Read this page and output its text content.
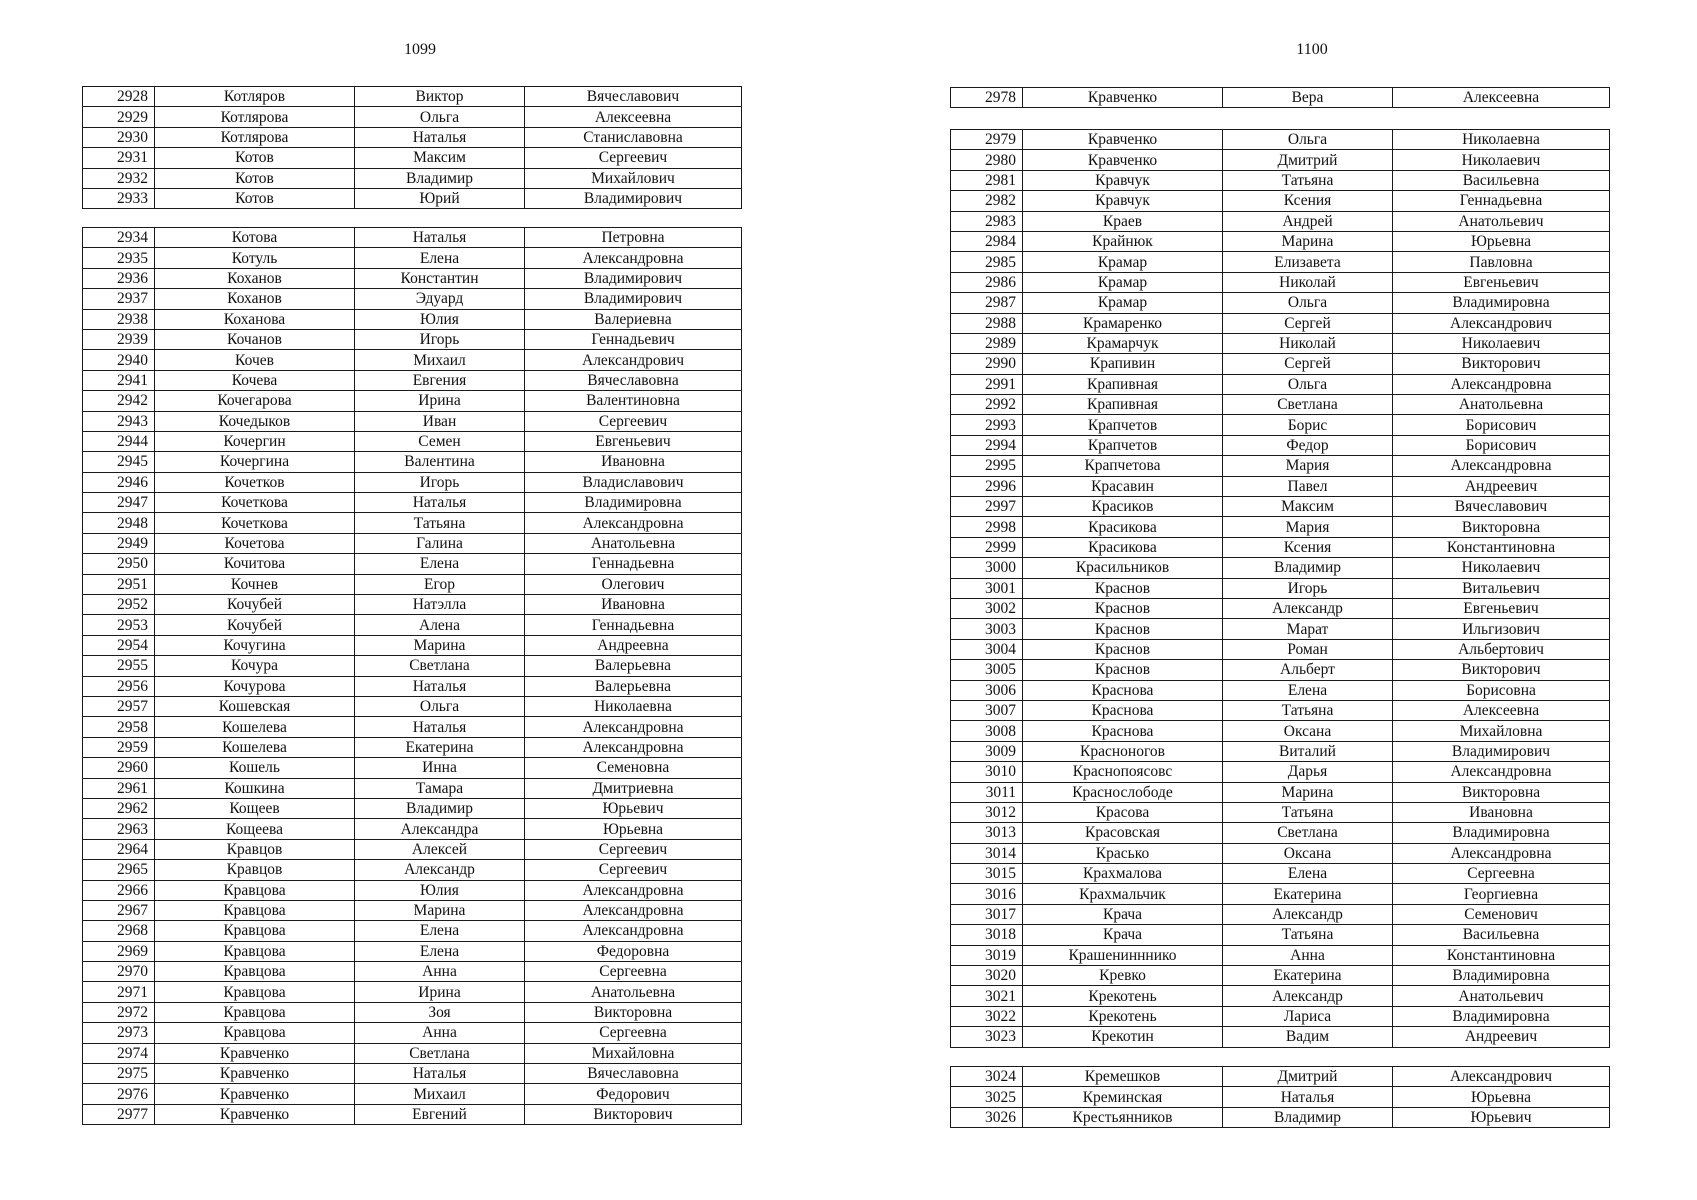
1099	1100
2928	Котляров	Виктор	Вячеславович
2929	Котлярова	Ольга	Алексеевна
2930	Котлярова	Наталья	Станиславовна
2931	Котов	Максим	Сергеевич
2932	Котов	Владимир	Михайлович
2933	Котов	Юрий	Владимирович
2934	Котова	Наталья	Петровна
2935	Котуль	Елена	Александровна
2936	Коханов	Константин	Владимирович
2937	Коханов	Эдуард	Владимирович
2938	Коханова	Юлия	Валериевна
2939	Кочанов	Игорь	Геннадьевич
2940	Кочев	Михаил	Александрович
2941	Кочева	Евгения	Вячеславовна
2942	Кочегарова	Ирина	Валентиновна
2943	Кочедыков	Иван	Сергеевич
2944	Кочергин	Семен	Евгеньевич
2945	Кочергина	Валентина	Ивановна
2946	Кочетков	Игорь	Владиславович
2947	Кочеткова	Наталья	Владимировна
2948	Кочеткова	Татьяна	Александровна
2949	Кочетова	Галина	Анатольевна
2950	Кочитова	Елена	Геннадьевна
2951	Кочнев	Егор	Олегович
2952	Кочубей	Натэлла	Ивановна
2953	Кочубей	Алена	Геннадьевна
2954	Кочугина	Марина	Андреевна
2955	Кочура	Светлана	Валерьевна
2956	Кочурова	Наталья	Валерьевна
2957	Кошевская	Ольга	Николаевна
2958	Кошелева	Наталья	Александровна
2959	Кошелева	Екатерина	Александровна
2960	Кошель	Инна	Семеновна
2961	Кошкина	Тамара	Дмитриевна
2962	Кощеев	Владимир	Юрьевич
2963	Кощеева	Александра	Юрьевна
2964	Кравцов	Алексей	Сергеевич
2965	Кравцов	Александр	Сергеевич
2966	Кравцова	Юлия	Александровна
2967	Кравцова	Марина	Александровна
2968	Кравцова	Елена	Александровна
2969	Кравцова	Елена	Федоровна
2970	Кравцова	Анна	Сергеевна
2971	Кравцова	Ирина	Анатольевна
2972	Кравцова	Зоя	Викторовна
2973	Кравцова	Анна	Сергеевна
2974	Кравченко	Светлана	Михайловна
2975	Кравченко	Наталья	Вячеславовна
2976	Кравченко	Михаил	Федорович
2977	Кравченко	Евгений	Викторович
2978	Кравченко	Вера	Алексеевна
2979	Кравченко	Ольга	Николаевна
2980	Кравченко	Дмитрий	Николаевич
2981	Кравчук	Татьяна	Васильевна
2982	Кравчук	Ксения	Геннадьевна
2983	Краев	Андрей	Анатольевич
2984	Крайнюк	Марина	Юрьевна
2985	Крамар	Елизавета	Павловна
2986	Крамар	Николай	Евгеньевич
2987	Крамар	Ольга	Владимировна
2988	Крамаренко	Сергей	Александрович
2989	Крамарчук	Николай	Николаевич
2990	Крапивин	Сергей	Викторович
2991	Крапивная	Ольга	Александровна
2992	Крапивная	Светлана	Анатольевна
2993	Крапчетов	Борис	Борисович
2994	Крапчетов	Федор	Борисович
2995	Крапчетова	Мария	Александровна
2996	Красавин	Павел	Андреевич
2997	Красиков	Максим	Вячеславович
2998	Красикова	Мария	Викторовна
2999	Красикова	Ксения	Константиновна
3000	Красильников	Владимир	Николаевич
3001	Краснов	Игорь	Витальевич
3002	Краснов	Александр	Евгеньевич
3003	Краснов	Марат	Ильгизович
3004	Краснов	Роман	Альбертович
3005	Краснов	Альберт	Викторович
3006	Краснова	Елена	Борисовна
3007	Краснова	Татьяна	Алексеевна
3008	Краснова	Оксана	Михайловна
3009	Красноногов	Виталий	Владимирович
3010	Краснопоясовс	Дарья	Александровна
3011	Краснослободе	Марина	Викторовна
3012	Красова	Татьяна	Ивановна
3013	Красовская	Светлана	Владимировна
3014	Красько	Оксана	Александровна
3015	Крахмалова	Елена	Сергеевна
3016	Крахмальчик	Екатерина	Георгиевна
3017	Крача	Александр	Семенович
3018	Крача	Татьяна	Васильевна
3019	Крашенинннико	Анна	Константиновна
3020	Кревко	Екатерина	Владимировна
3021	Крекотень	Александр	Анатольевич
3022	Крекотень	Лариса	Владимировна
3023	Крекотин	Вадим	Андреевич
3024	Кремешков	Дмитрий	Александрович
3025	Креминская	Наталья	Юрьевна
3026	Крестьянников	Владимир	Юрьевич
